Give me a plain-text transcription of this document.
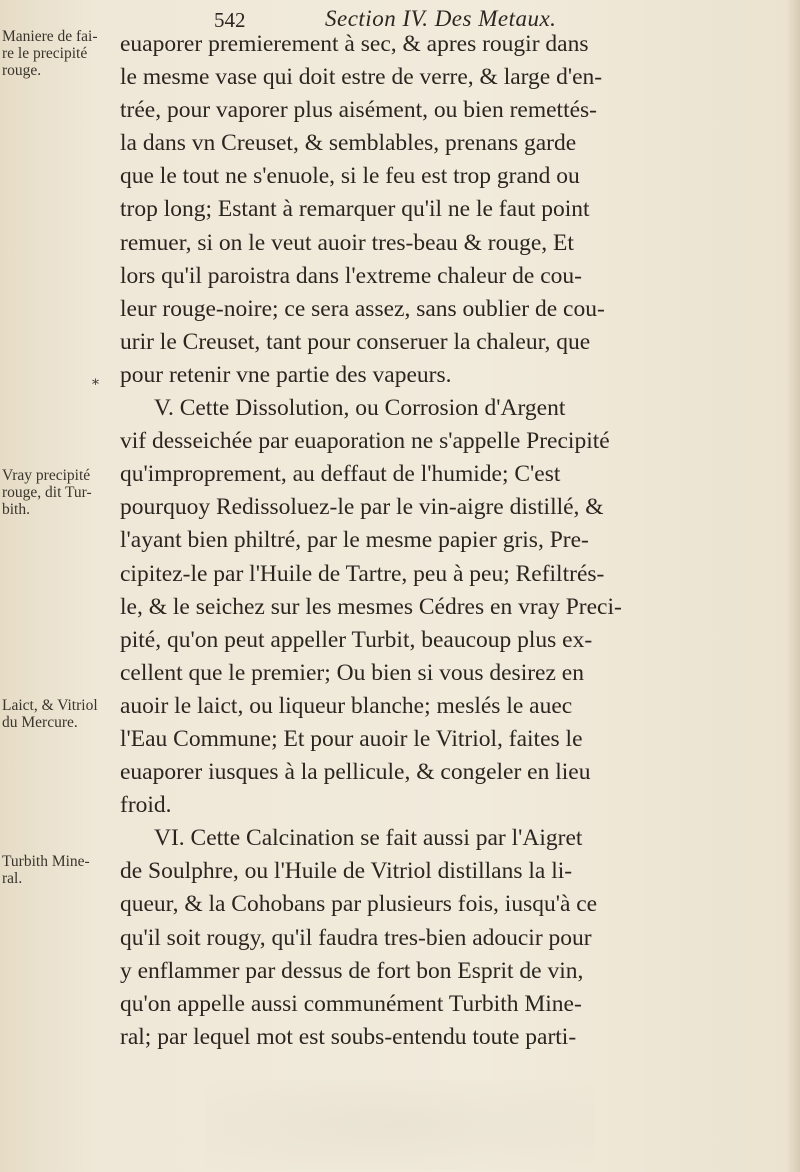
542	Section IV. Des Metaux.
Maniere de fai-
re le precipité
rouge.
Vray precipité
rouge, dit Tur-
bith.
Laict, & Vitriol
du Mercure.
Turbith Mine-
ral.
*
euaporer premierement à sec, & apres rougir dans
le mesme vase qui doit estre de verre, & large d'en-
trée, pour vaporer plus aisément, ou bien remettés-
la dans vn Creuset, & semblables, prenans garde
que le tout ne s'enuole, si le feu est trop grand ou
trop long; Estant à remarquer qu'il ne le faut point
remuer, si on le veut auoir tres-beau & rouge, Et
lors qu'il paroistra dans l'extreme chaleur de cou-
leur rouge-noire; ce sera assez, sans oublier de cou-
urir le Creuset, tant pour conseruer la chaleur, que
pour retenir vne partie des vapeurs.
V. Cette Dissolution, ou Corrosion d'Argent
vif desseichée par euaporation ne s'appelle Precipité
qu'improprement, au deffaut de l'humide; C'est
pourquoy Redissoluez-le par le vin-aigre distillé, &
l'ayant bien philtré, par le mesme papier gris, Pre-
cipitez-le par l'Huile de Tartre, peu à peu; Refiltrés-
le, & le seichez sur les mesmes Cédres en vray Preci-
pité, qu'on peut appeller Turbit, beaucoup plus ex-
cellent que le premier; Ou bien si vous desirez en
auoir le laict, ou liqueur blanche; meslés le auec
l'Eau Commune; Et pour auoir le Vitriol, faites le
euaporer iusques à la pellicule, & congeler en lieu
froid.
VI. Cette Calcination se fait aussi par l'Aigret
de Soulphre, ou l'Huile de Vitriol distillans la li-
queur, & la Cohobans par plusieurs fois, iusqu'à ce
qu'il soit rougy, qu'il faudra tres-bien adoucir pour
y enflammer par dessus de fort bon Esprit de vin,
qu'on appelle aussi communément Turbith Mine-
ral; par lequel mot est soubs-entendu toute parti-
